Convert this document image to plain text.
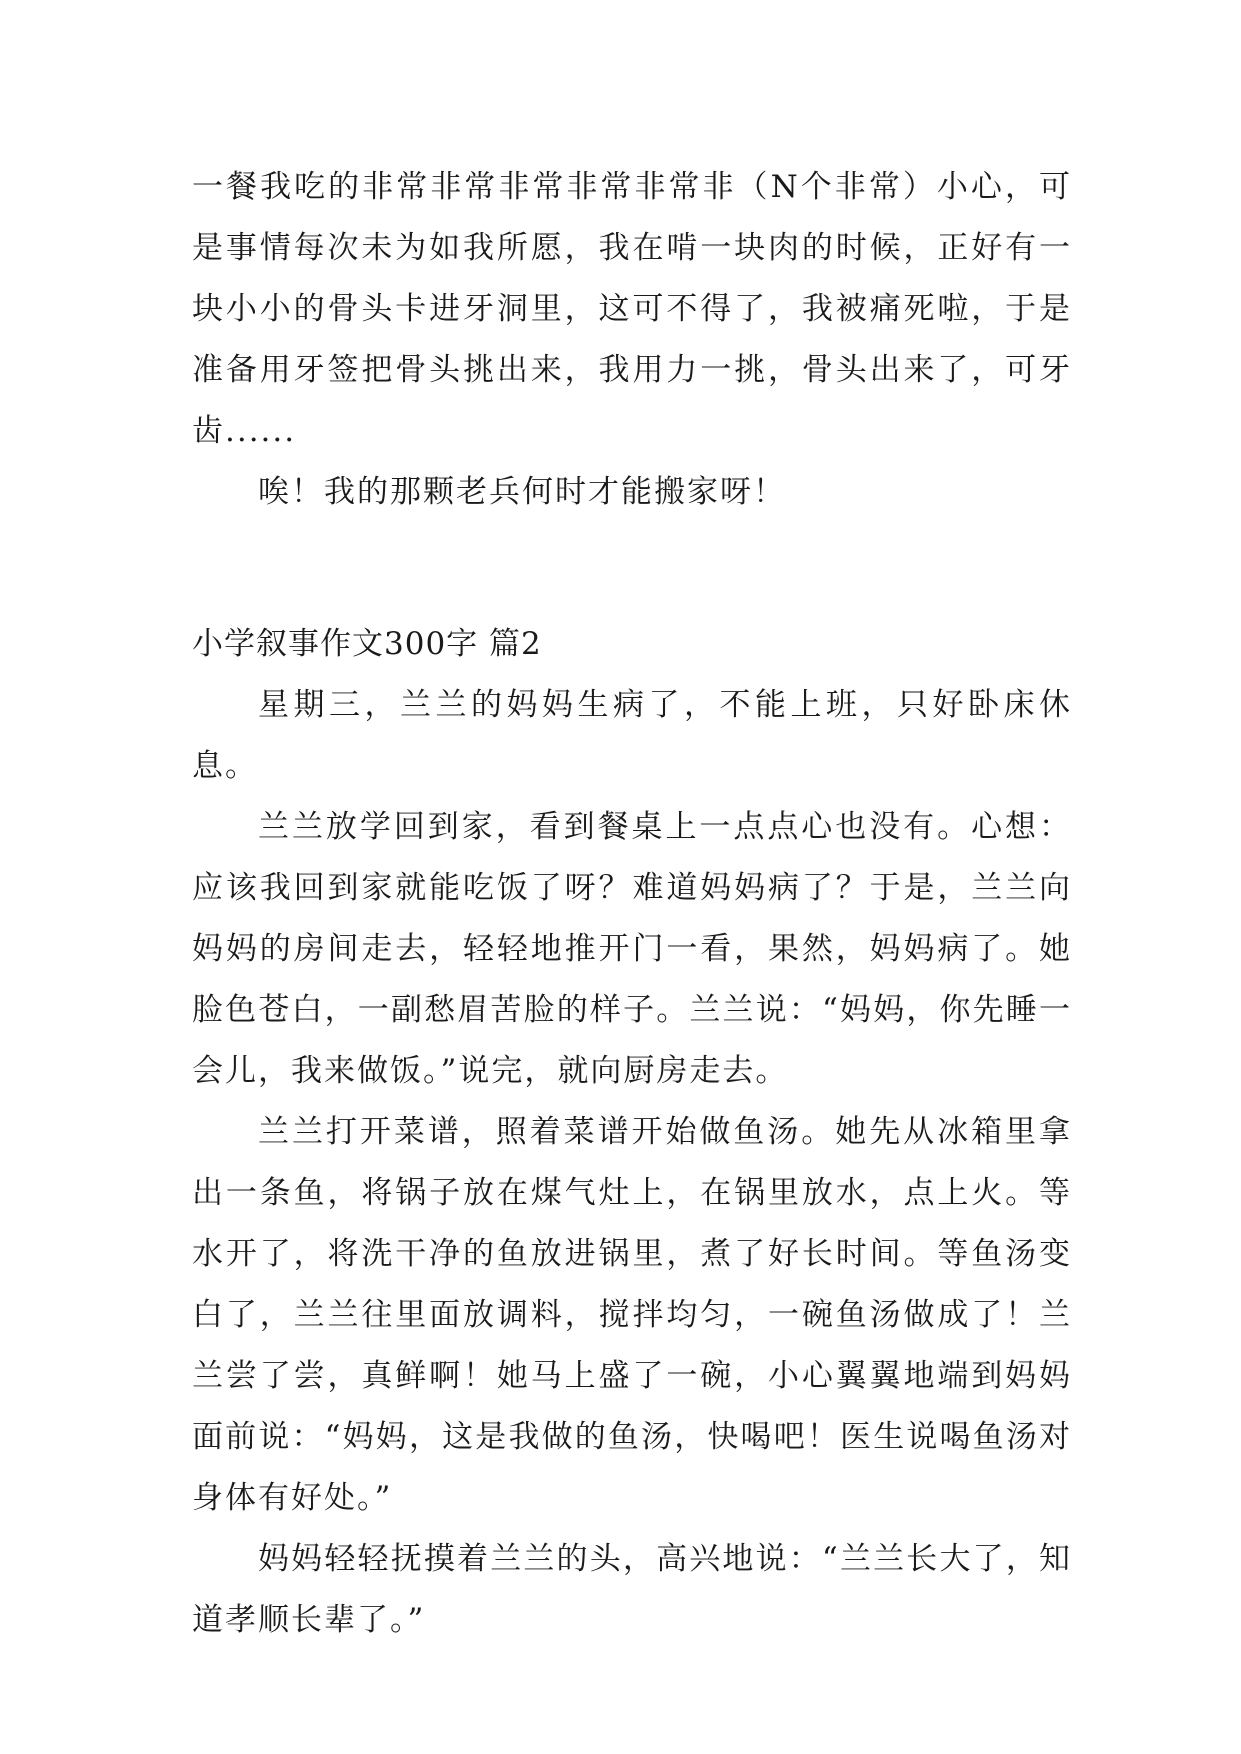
一餐我吃的非常非常非常非常非常非（N个非常）小心，可是事情每次未为如我所愿，我在啃一块肉的时候，正好有一块小小的骨头卡进牙洞里，这可不得了，我被痛死啦，于是准备用牙签把骨头挑出来，我用力一挑，骨头出来了，可牙齿......

唉！我的那颗老兵何时才能搬家呀！

小学叙事作文300字 篇2

星期三，兰兰的妈妈生病了，不能上班，只好卧床休息。

兰兰放学回到家，看到餐桌上一点点心也没有。心想：应该我回到家就能吃饭了呀？难道妈妈病了？于是，兰兰向妈妈的房间走去，轻轻地推开门一看，果然，妈妈病了。她脸色苍白，一副愁眉苦脸的样子。兰兰说：“妈妈，你先睡一会儿，我来做饭。”说完，就向厨房走去。

兰兰打开菜谱，照着菜谱开始做鱼汤。她先从冰箱里拿出一条鱼，将锅子放在煤气灶上，在锅里放水，点上火。等水开了，将洗干净的鱼放进锅里，煮了好长时间。等鱼汤变白了，兰兰往里面放调料，搅拌均匀，一碗鱼汤做成了！兰兰尝了尝，真鲜啊！她马上盛了一碗，小心翼翼地端到妈妈面前说：“妈妈，这是我做的鱼汤，快喝吧！医生说喝鱼汤对身体有好处。”

妈妈轻轻抚摸着兰兰的头，高兴地说：“兰兰长大了，知道孝顺长辈了。”
